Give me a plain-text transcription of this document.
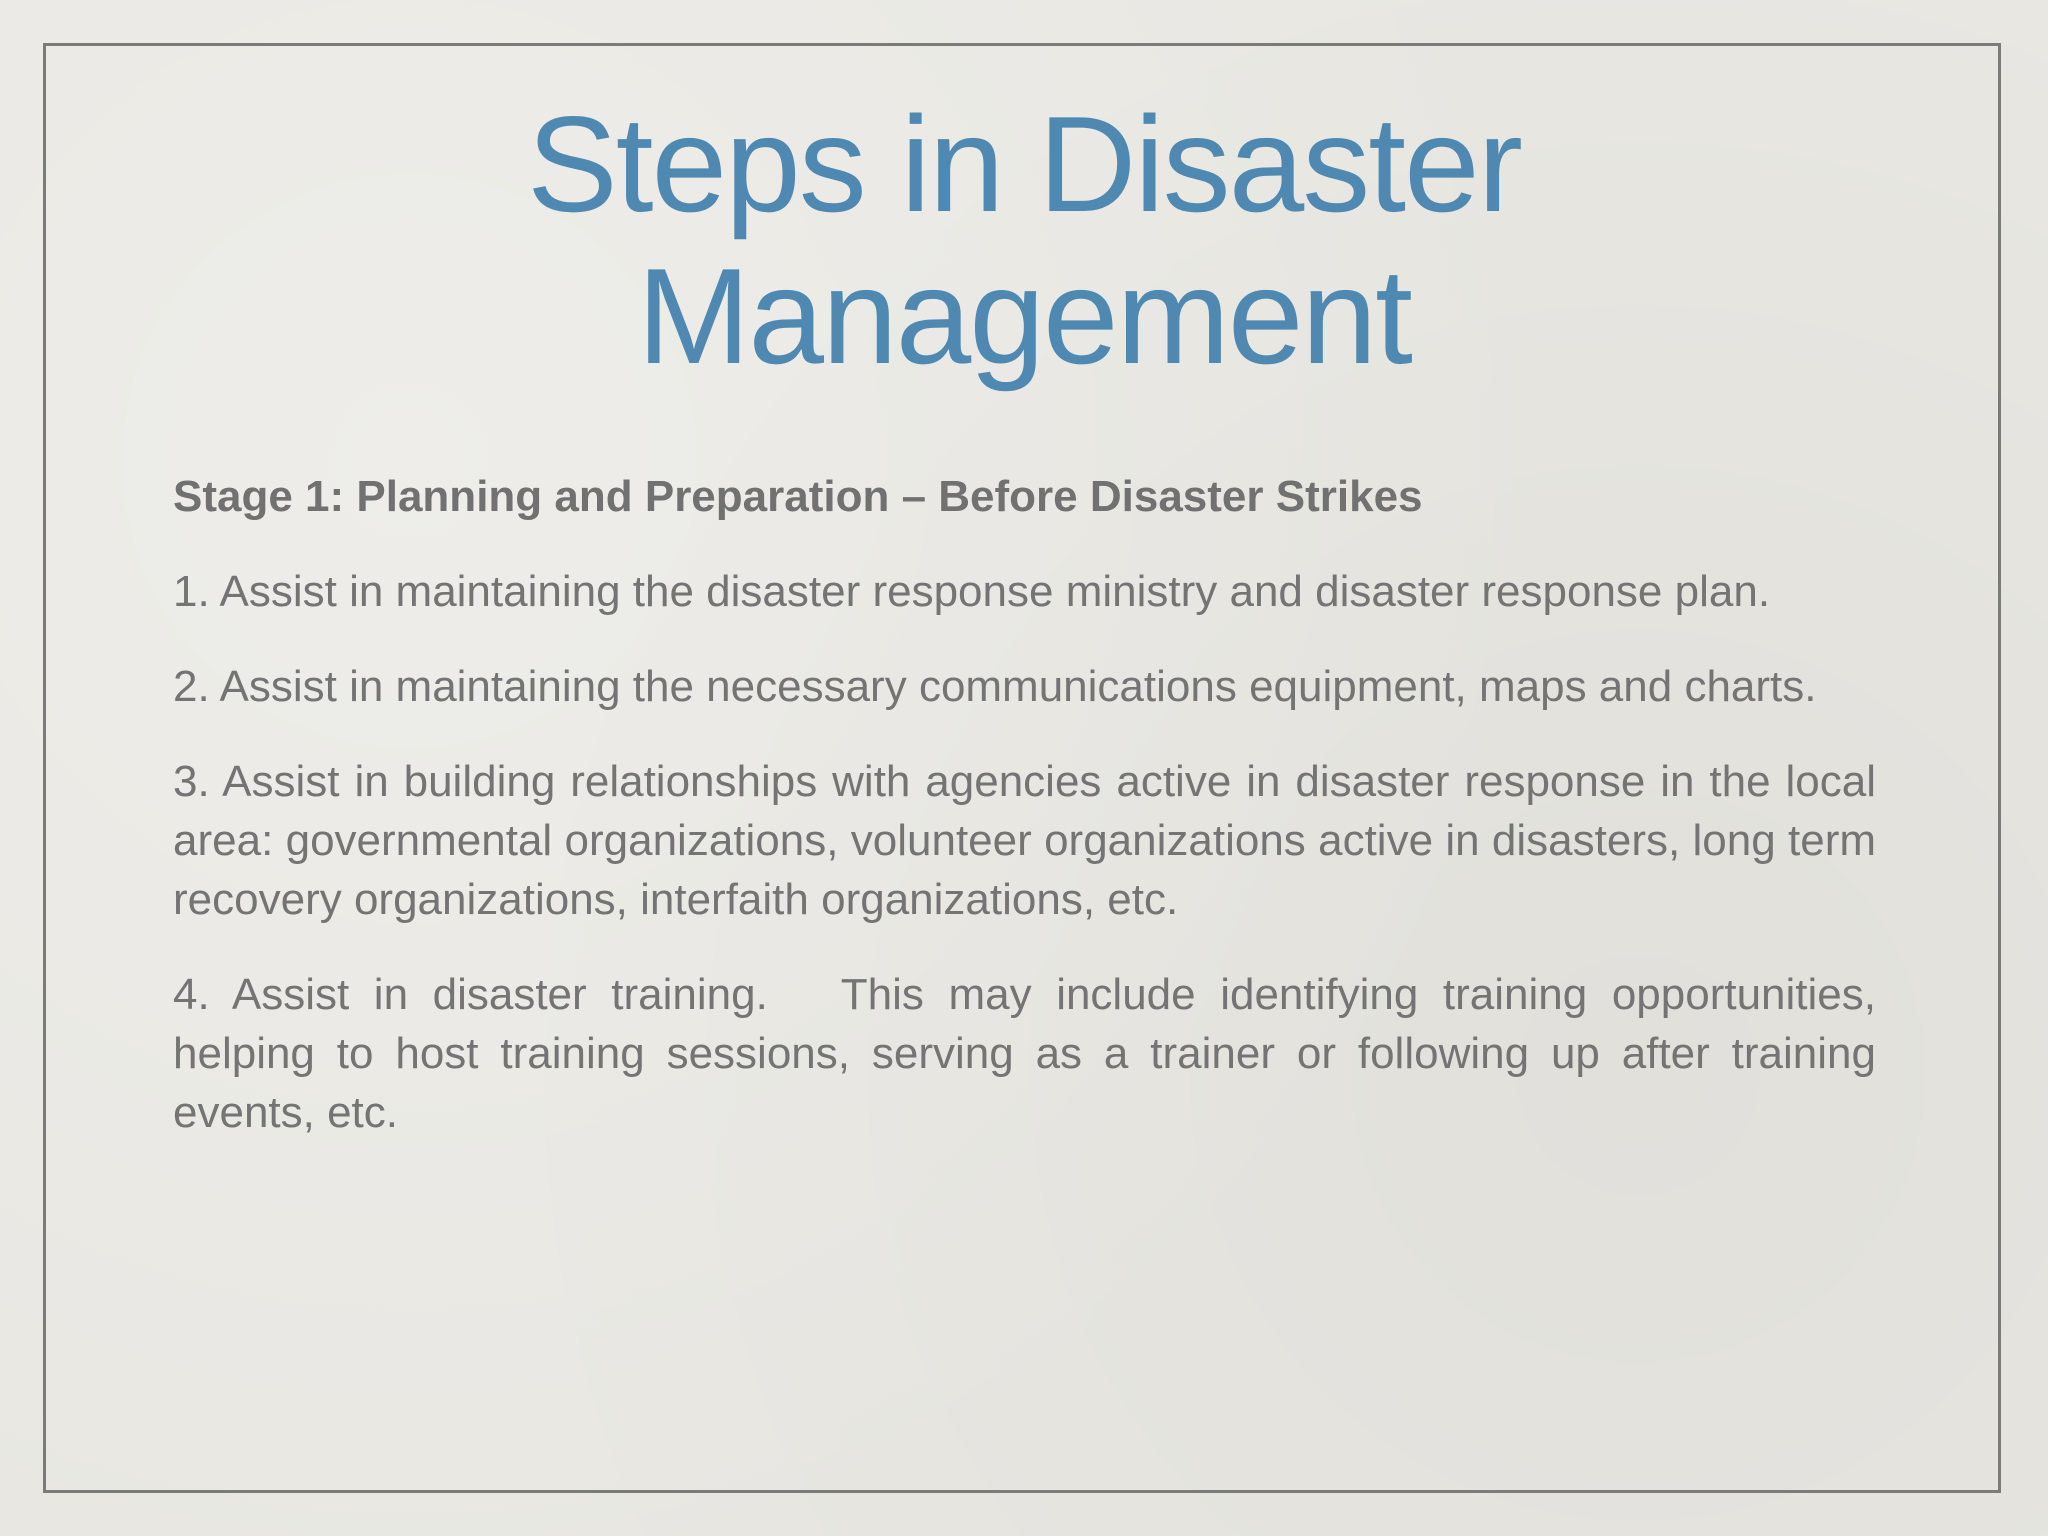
Steps in Disaster
Management

Stage 1: Planning and Preparation – Before Disaster Strikes

1. Assist in maintaining the disaster response ministry and disaster response plan.

2. Assist in maintaining the necessary communications equipment, maps and charts.

3. Assist in building relationships with agencies active in disaster response in the local area: governmental organizations, volunteer organizations active in disasters, long term recovery organizations, interfaith organizations, etc.

4. Assist in disaster training.   This may include identifying training opportunities, helping to host training sessions, serving as a trainer or following up after training events, etc.
